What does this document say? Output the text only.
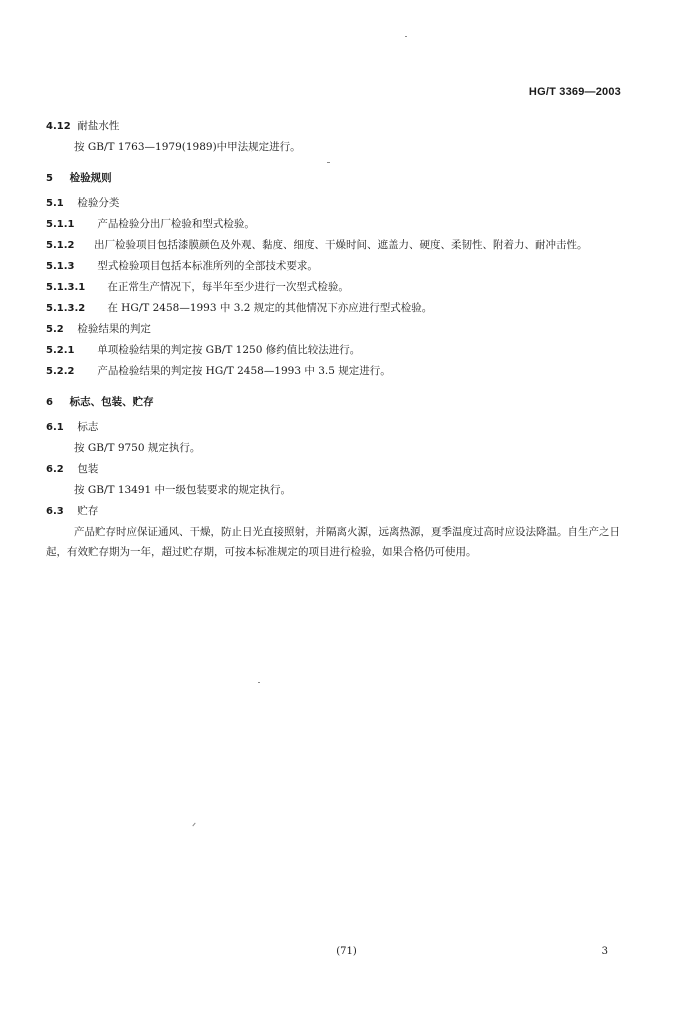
HG/T 3369—2003
4.12 耐盐水性
按 GB/T 1763—1979(1989)中甲法规定进行。
5 检验规则
5.1 检验分类
5.1.1 产品检验分出厂检验和型式检验。
5.1.2 出厂检验项目包括漆膜颜色及外观、黏度、细度、干燥时间、遮盖力、硬度、柔韧性、附着力、耐冲击性。
5.1.3 型式检验项目包括本标准所列的全部技术要求。
5.1.3.1 在正常生产情况下，每半年至少进行一次型式检验。
5.1.3.2 在 HG/T 2458—1993 中 3.2 规定的其他情况下亦应进行型式检验。
5.2 检验结果的判定
5.2.1 单项检验结果的判定按 GB/T 1250 修约值比较法进行。
5.2.2 产品检验结果的判定按 HG/T 2458—1993 中 3.5 规定进行。
6 标志、包装、贮存
6.1 标志
按 GB/T 9750 规定执行。
6.2 包装
按 GB/T 13491 中一级包装要求的规定执行。
6.3 贮存
产品贮存时应保证通风、干燥，防止日光直接照射，并隔离火源，远离热源，夏季温度过高时应设法降温。自生产之日起，有效贮存期为一年，超过贮存期，可按本标准规定的项目进行检验，如果合格仍可使用。
(71)	3
